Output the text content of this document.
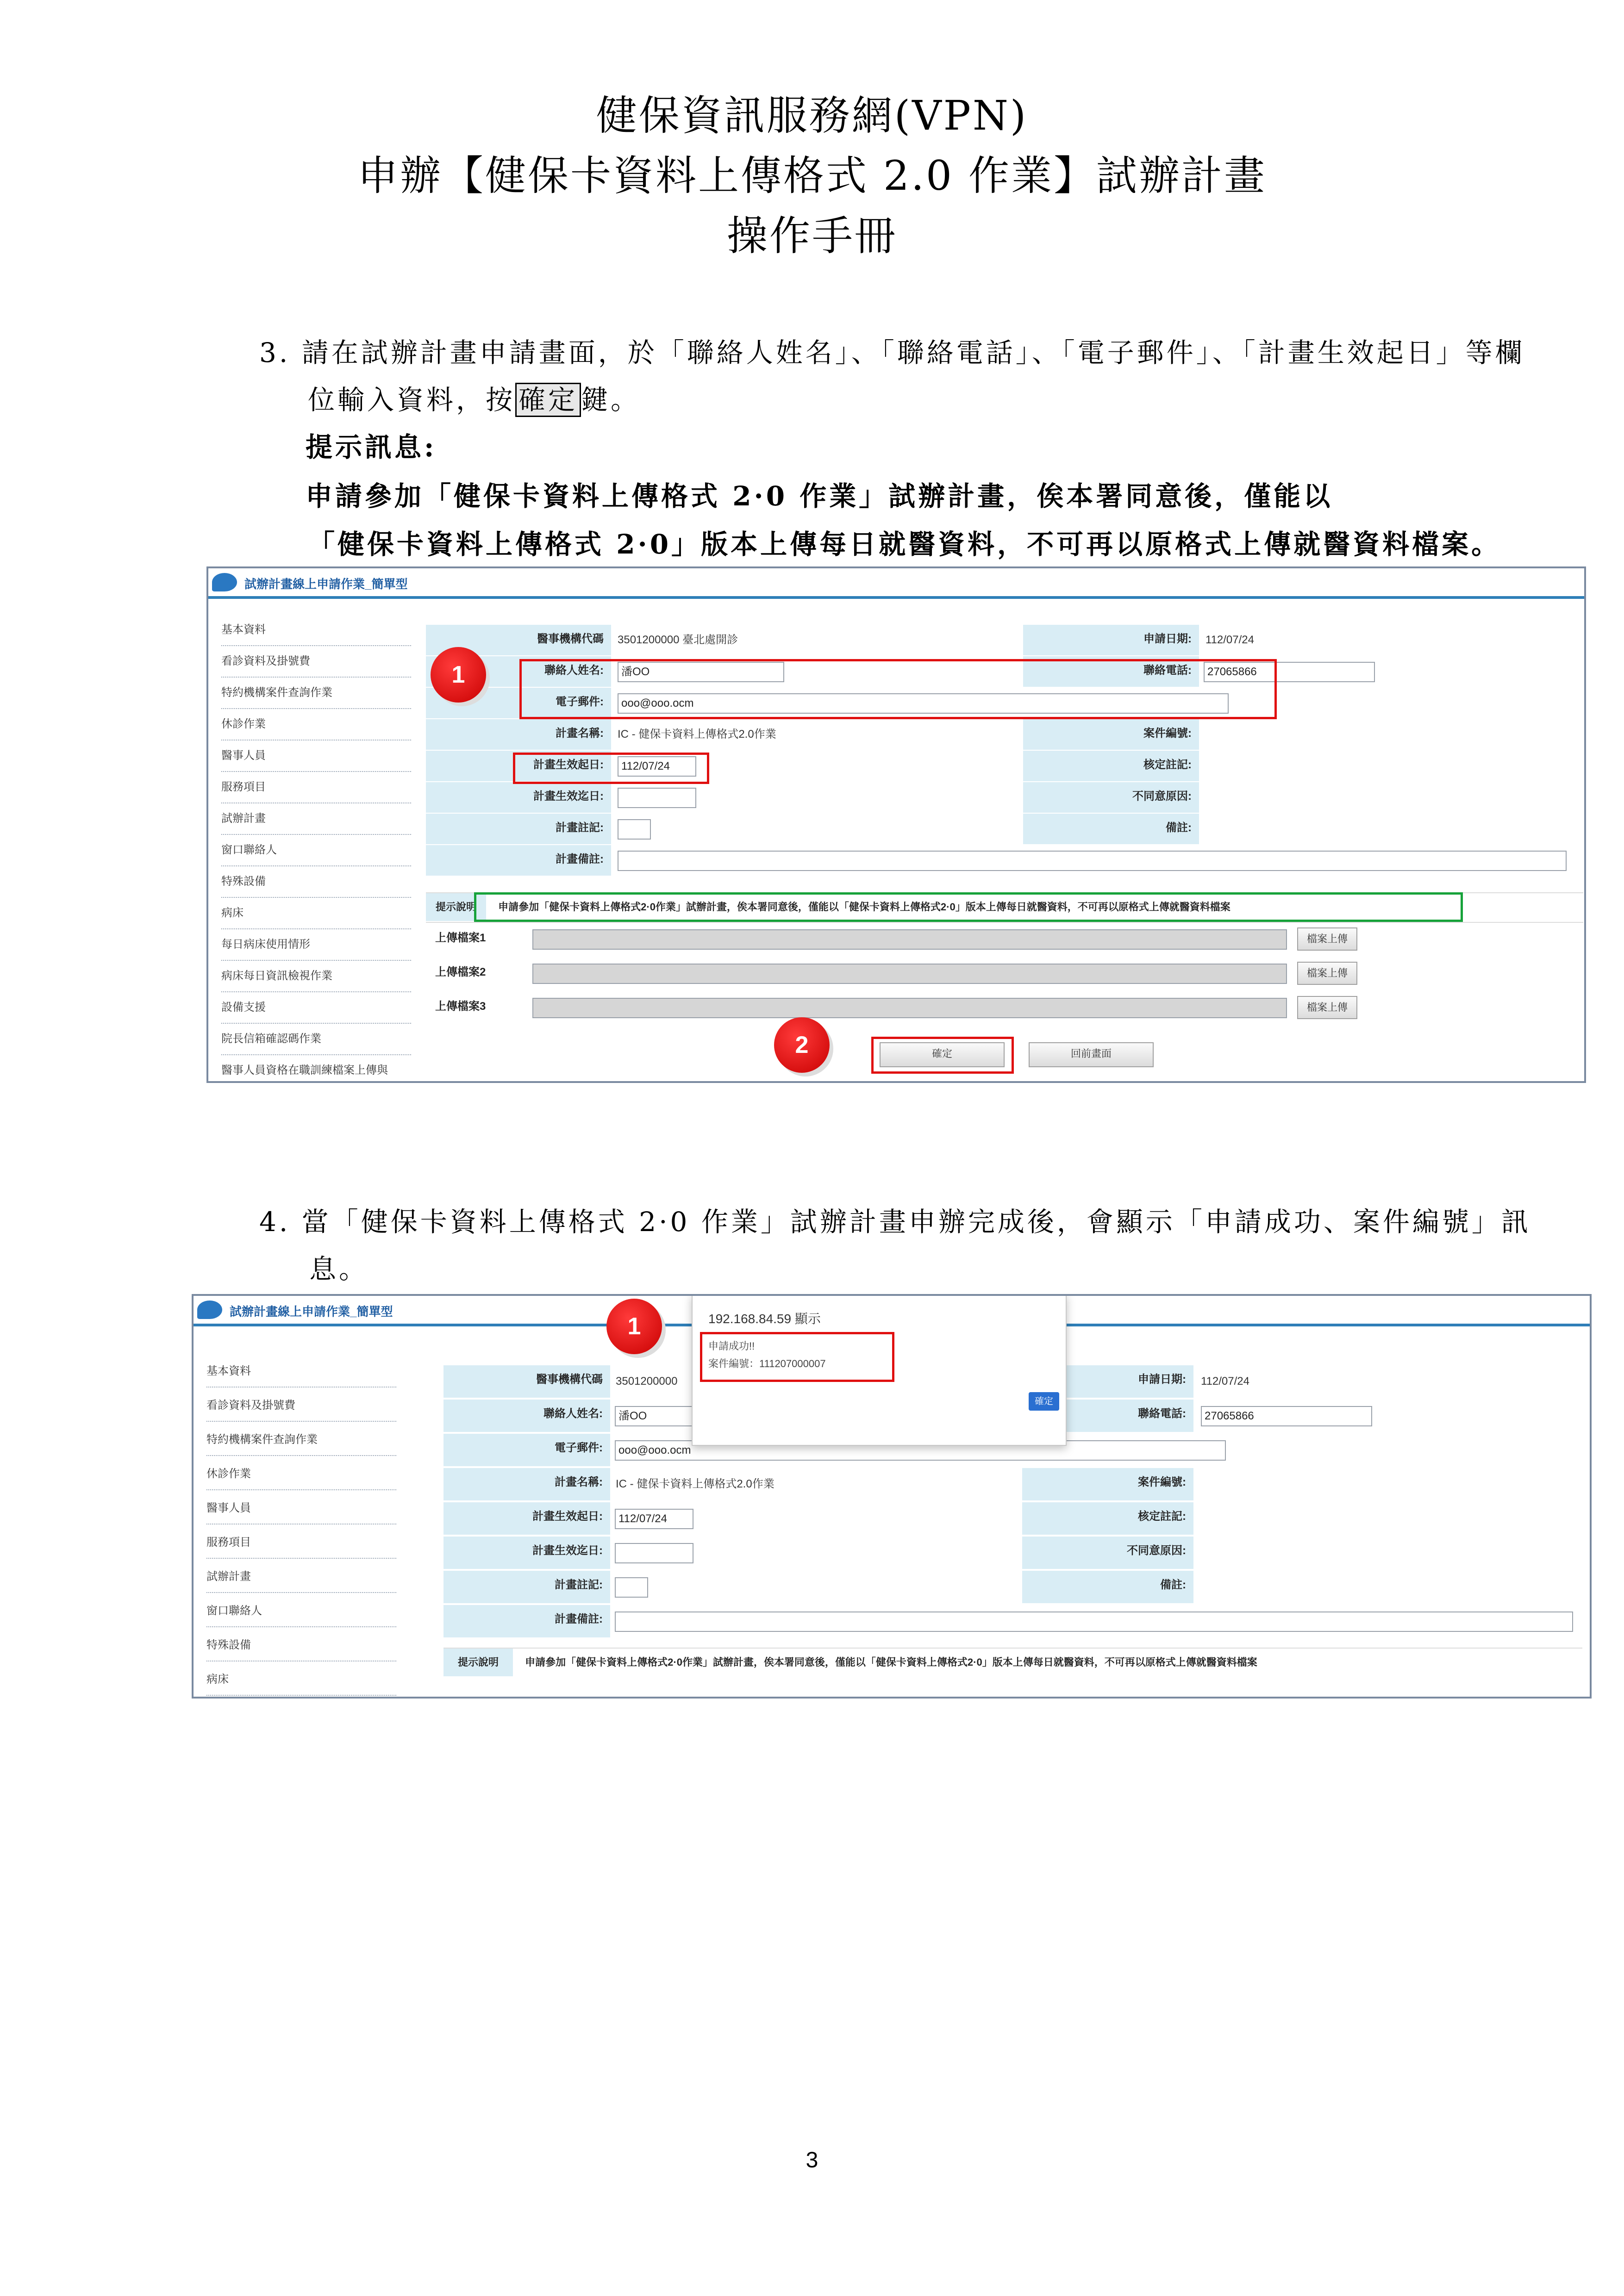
健保資訊服務網(VPN)
申辦【健保卡資料上傳格式 2.0 作業】試辦計畫
操作手冊
3. 請在試辦計畫申請畫面，於「聯絡人姓名」、「聯絡電話」、「電子郵件」、「計畫生效起日」等欄
位輸入資料，按 確定 鍵。
提示訊息:
申請參加「健保卡資料上傳格式 2·0 作業」試辦計畫，俟本署同意後，僅能以
「健保卡資料上傳格式 2·0」版本上傳每日就醫資料，不可再以原格式上傳就醫資料檔案。
試辦計畫線上申請作業_簡單型
基本資料
看診資料及掛號費
特約機構案件查詢作業
休診作業
醫事人員
服務項目
試辦計畫
窗口聯絡人
特殊設備
病床
每日病床使用情形
病床每日資訊檢視作業
設備支援
院長信箱確認碼作業
醫事人員資格在職訓練檔案上傳與
醫事機構代碼	3501200000 臺北處開診	申請日期:	112/07/24
聯絡人姓名:	潘OO	聯絡電話:	27065866
電子郵件:	ooo@ooo.ocm
計畫名稱:	IC - 健保卡資料上傳格式2.0作業	案件編號:
計畫生效起日:	112/07/24	核定註記:
計畫生效迄日:	不同意原因:
計畫註記:	備註:
計畫備註:
提示說明 申請參加「健保卡資料上傳格式2·0作業」試辦計畫，俟本署同意後，僅能以「健保卡資料上傳格式2·0」版本上傳每日就醫資料，不可再以原格式上傳就醫資料檔案
上傳檔案1	檔案上傳
上傳檔案2	檔案上傳
上傳檔案3	檔案上傳
確定	回前畫面
1
2
4. 當「健保卡資料上傳格式 2·0 作業」試辦計畫申辦完成後，會顯示「申請成功、案件編號」訊
息。
試辦計畫線上申請作業_簡單型
基本資料
看診資料及掛號費
特約機構案件查詢作業
休診作業
醫事人員
服務項目
試辦計畫
窗口聯絡人
特殊設備
病床
醫事機構代碼	3501200000	申請日期:	112/07/24
聯絡人姓名:	潘OO	聯絡電話:	27065866
電子郵件:	ooo@ooo.ocm
計畫名稱:	IC - 健保卡資料上傳格式2.0作業	案件編號:
計畫生效起日:	112/07/24	核定註記:
計畫生效迄日:	不同意原因:
計畫註記:	備註:
計畫備註:
提示說明	申請參加「健保卡資料上傳格式2·0作業」試辦計畫，俟本署同意後，僅能以「健保卡資料上傳格式2·0」版本上傳每日就醫資料，不可再以原格式上傳就醫資料檔案
192.168.84.59 顯示
申請成功!!
案件編號：111207000007
確定
1
3
